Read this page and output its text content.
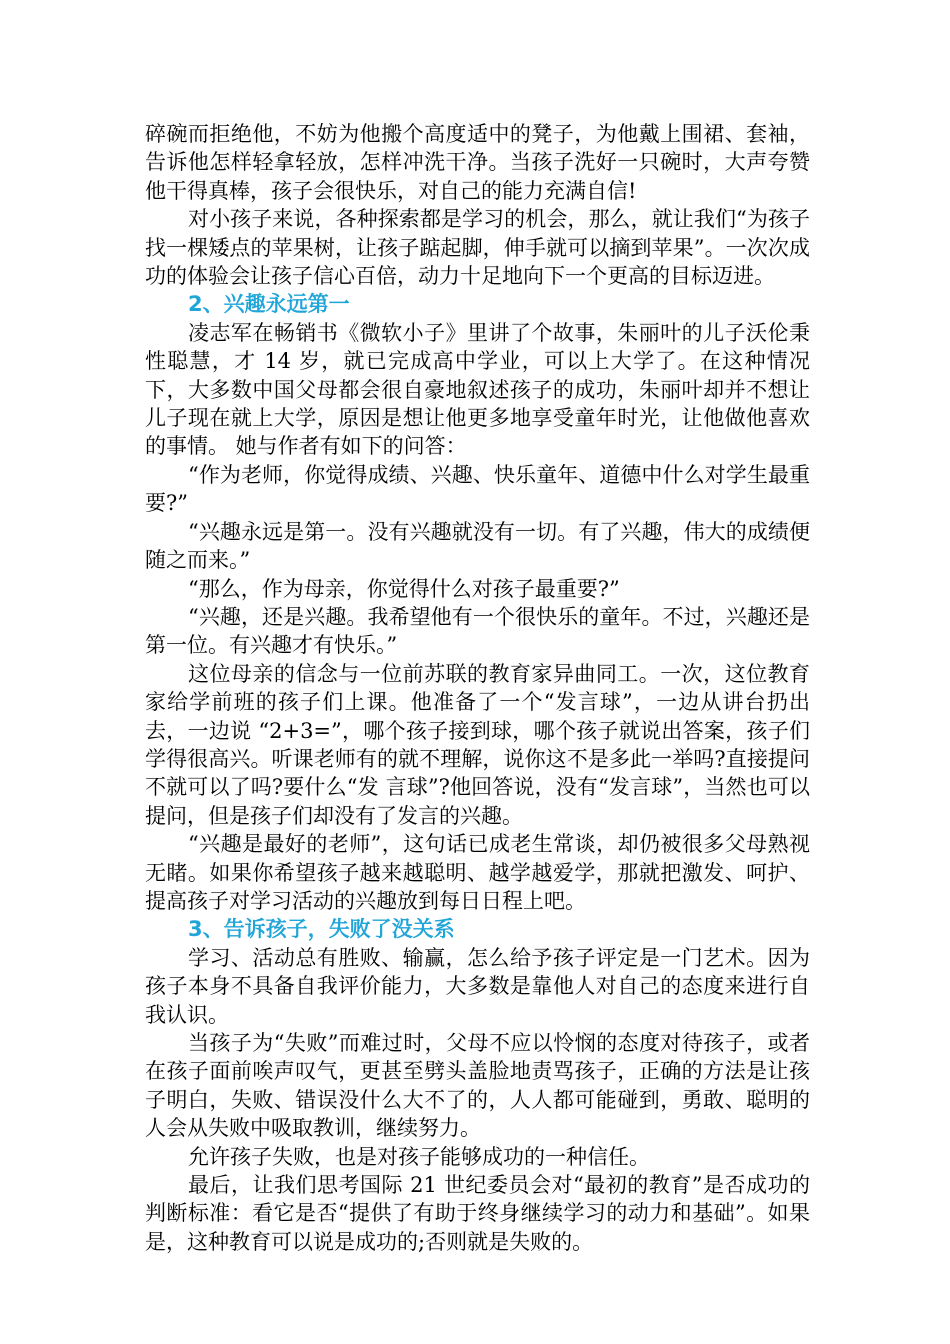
碎碗而拒绝他，不妨为他搬个高度适中的凳子，为他戴上围裙、套袖，告诉他怎样轻拿轻放，怎样冲洗干净。当孩子洗好一只碗时，大声夸赞他干得真棒，孩子会很快乐，对自己的能力充满自信!

对小孩子来说，各种探索都是学习的机会，那么，就让我们“为孩子找一棵矮点的苹果树，让孩子踮起脚，伸手就可以摘到苹果”。一次次成功的体验会让孩子信心百倍，动力十足地向下一个更高的目标迈进。

2、兴趣永远第一

凌志军在畅销书《微软小子》里讲了个故事，朱丽叶的儿子沃伦秉性聪慧，才 14 岁，就已完成高中学业，可以上大学了。在这种情况下，大多数中国父母都会很自豪地叙述孩子的成功，朱丽叶却并不想让儿子现在就上大学，原因是想让他更多地享受童年时光，让他做他喜欢的事情。 她与作者有如下的问答：

“作为老师，你觉得成绩、兴趣、快乐童年、道德中什么对学生最重要?”

“兴趣永远是第一。没有兴趣就没有一切。有了兴趣，伟大的成绩便随之而来。”

“那么，作为母亲，你觉得什么对孩子最重要?”

“兴趣，还是兴趣。我希望他有一个很快乐的童年。不过，兴趣还是第一位。有兴趣才有快乐。”

这位母亲的信念与一位前苏联的教育家异曲同工。一次，这位教育家给学前班的孩子们上课。他准备了一个“发言球”，一边从讲台扔出去，一边说 “2+3=”，哪个孩子接到球，哪个孩子就说出答案，孩子们学得很高兴。听课老师有的就不理解，说你这不是多此一举吗?直接提问不就可以了吗?要什么“发 言球”?他回答说，没有“发言球”，当然也可以提问，但是孩子们却没有了发言的兴趣。

“兴趣是最好的老师”，这句话已成老生常谈，却仍被很多父母熟视无睹。如果你希望孩子越来越聪明、越学越爱学，那就把激发、呵护、提高孩子对学习活动的兴趣放到每日日程上吧。

3、告诉孩子，失败了没关系

学习、活动总有胜败、输赢，怎么给予孩子评定是一门艺术。因为孩子本身不具备自我评价能力，大多数是靠他人对自己的态度来进行自我认识。

当孩子为“失败”而难过时，父母不应以怜悯的态度对待孩子，或者在孩子面前唉声叹气，更甚至劈头盖脸地责骂孩子，正确的方法是让孩子明白，失败、错误没什么大不了的，人人都可能碰到，勇敢、聪明的人会从失败中吸取教训，继续努力。

允许孩子失败，也是对孩子能够成功的一种信任。

最后，让我们思考国际 21 世纪委员会对“最初的教育”是否成功的判断标准：看它是否“提供了有助于终身继续学习的动力和基础”。如果是，这种教育可以说是成功的;否则就是失败的。
